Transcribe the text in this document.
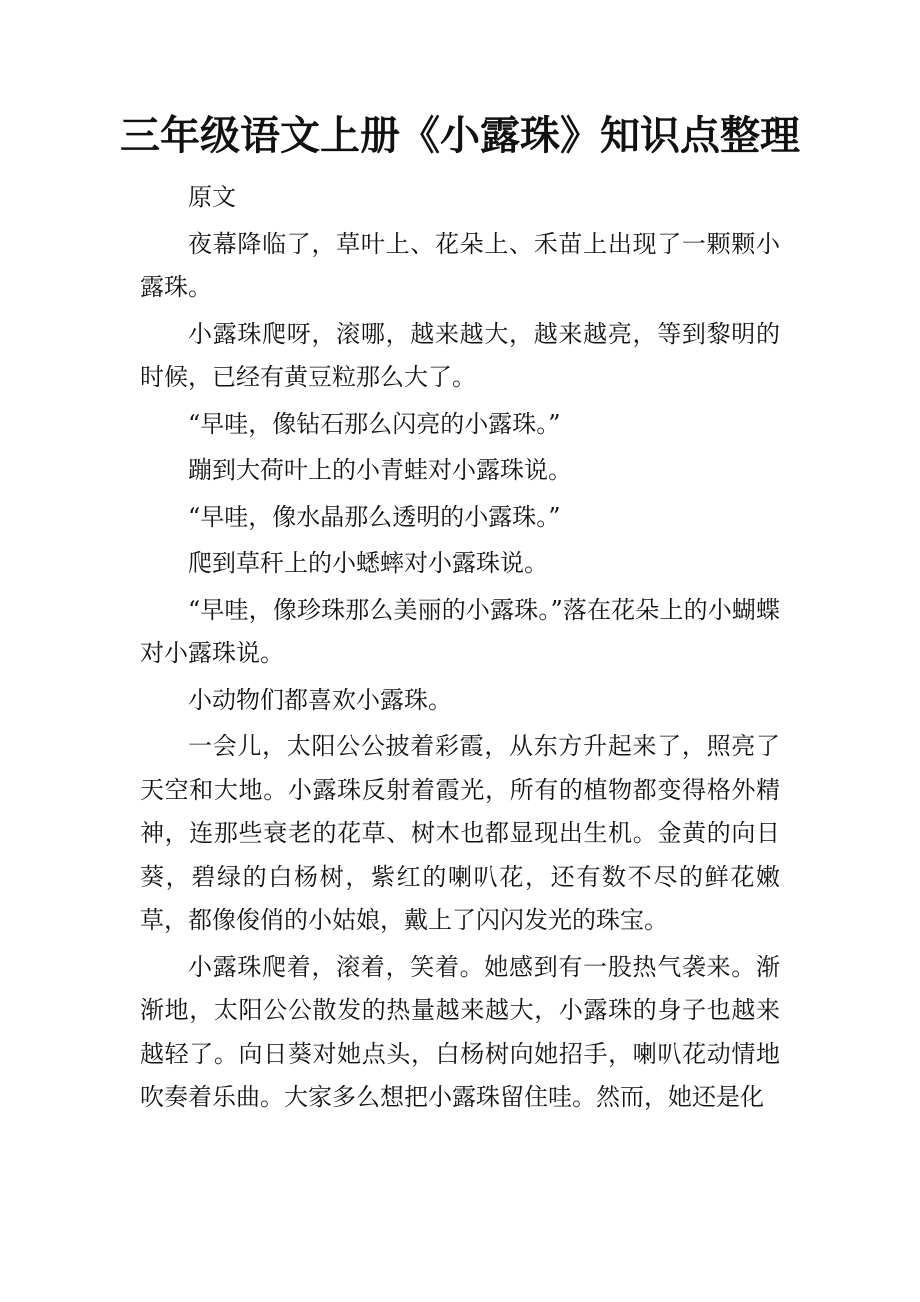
三年级语文上册《小露珠》知识点整理

原文

夜幕降临了，草叶上、花朵上、禾苗上出现了一颗颗小露珠。

小露珠爬呀，滚哪，越来越大，越来越亮，等到黎明的时候，已经有黄豆粒那么大了。

“早哇，像钻石那么闪亮的小露珠。”

蹦到大荷叶上的小青蛙对小露珠说。

“早哇，像水晶那么透明的小露珠。”

爬到草秆上的小蟋蟀对小露珠说。

“早哇，像珍珠那么美丽的小露珠。”落在花朵上的小蝴蝶对小露珠说。

小动物们都喜欢小露珠。

一会儿，太阳公公披着彩霞，从东方升起来了，照亮了天空和大地。小露珠反射着霞光，所有的植物都变得格外精神，连那些衰老的花草、树木也都显现出生机。金黄的向日葵，碧绿的白杨树，紫红的喇叭花，还有数不尽的鲜花嫩草，都像俊俏的小姑娘，戴上了闪闪发光的珠宝。

小露珠爬着，滚着，笑着。她感到有一股热气袭来。渐渐地，太阳公公散发的热量越来越大，小露珠的身子也越来越轻了。向日葵对她点头，白杨树向她招手，喇叭花动情地吹奏着乐曲。大家多么想把小露珠留住哇。然而，她还是化
